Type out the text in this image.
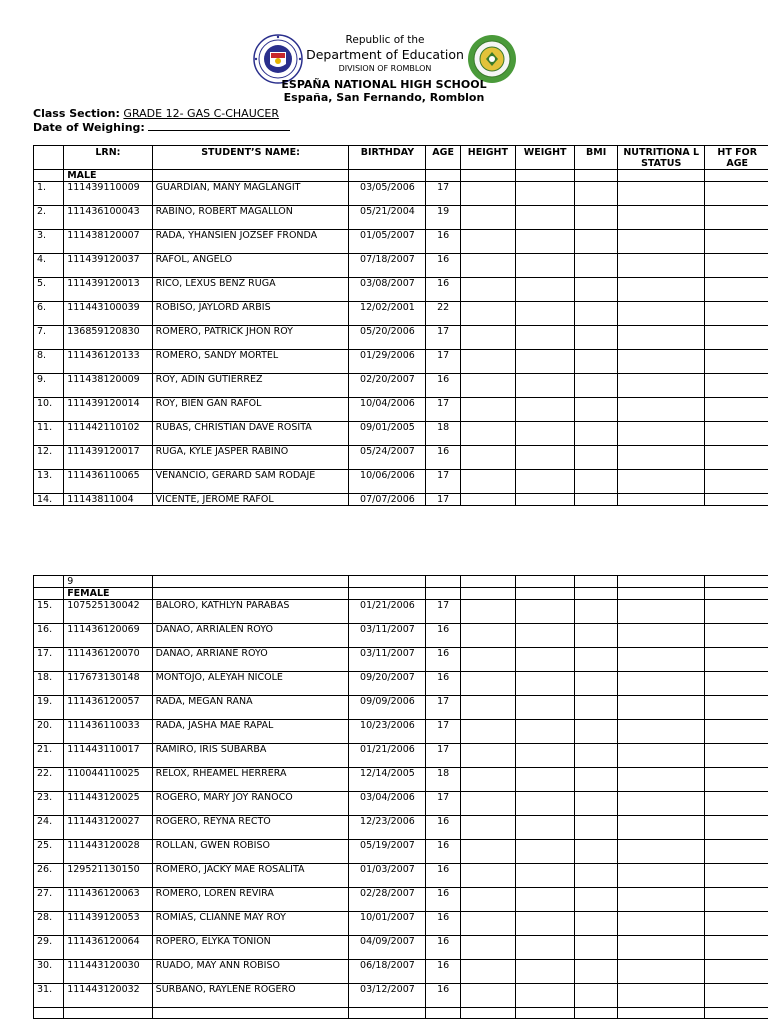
Republic of the
Department of Education
DIVISION OF ROMBLON
ESPAÑA NATIONAL HIGH SCHOOL
España, San Fernando, Romblon
Class Section: GRADE 12- GAS C-CHAUCER
Date of Weighing:
	LRN:	STUDENT’S NAME:	BIRTHDAY	AGE	HEIGHT	WEIGHT	BMI	NUTRITIONA L STATUS	HT FOR AGE
	MALE								
1.	111439110009	GUARDIAN, MANY MAGLANGIT	03/05/2006	17					
2.	111436100043	RABINO, ROBERT MAGALLON	05/21/2004	19					
3.	111438120007	RADA, YHANSIEN JOZSEF FRONDA	01/05/2007	16					
4.	111439120037	RAFOL, ANGELO	07/18/2007	16					
5.	111439120013	RICO, LEXUS BENZ RUGA	03/08/2007	16					
6.	111443100039	ROBISO, JAYLORD ARBIS	12/02/2001	22					
7.	136859120830	ROMERO, PATRICK JHON ROY	05/20/2006	17					
8.	111436120133	ROMERO, SANDY MORTEL	01/29/2006	17					
9.	111438120009	ROY, ADIN GUTIERREZ	02/20/2007	16					
10.	111439120014	ROY, BIEN GAN RAFOL	10/04/2006	17					
11.	111442110102	RUBAS, CHRISTIAN DAVE ROSITA	09/01/2005	18					
12.	111439120017	RUGA, KYLE JASPER RABINO	05/24/2007	16					
13.	111436110065	VENANCIO, GERARD SAM RODAJE	10/06/2006	17					
14.	11143811004	VICENTE, JEROME RAFOL	07/07/2006	17					
	9								
	FEMALE								
15.	107525130042	BALORO, KATHLYN PARABAS	01/21/2006	17					
16.	111436120069	DANAO, ARRIALEN ROYO	03/11/2007	16					
17.	111436120070	DANAO, ARRIANE ROYO	03/11/2007	16					
18.	117673130148	MONTOJO, ALEYAH NICOLE	09/20/2007	16					
19.	111436120057	RADA, MEGAN RANA	09/09/2006	17					
20.	111436110033	RADA, JASHA MAE RAPAL	10/23/2006	17					
21.	111443110017	RAMIRO, IRIS SUBARBA	01/21/2006	17					
22.	110044110025	RELOX, RHEAMEL HERRERA	12/14/2005	18					
23.	111443120025	ROGERO, MARY JOY RANOCO	03/04/2006	17					
24.	111443120027	ROGERO, REYNA RECTO	12/23/2006	16					
25.	111443120028	ROLLAN, GWEN ROBISO	05/19/2007	16					
26.	129521130150	ROMERO, JACKY MAE ROSALITA	01/03/2007	16					
27.	111436120063	ROMERO, LOREN REVIRA	02/28/2007	16					
28.	111439120053	ROMIAS, CLIANNE MAY ROY	10/01/2007	16					
29.	111436120064	ROPERO, ELYKA TONION	04/09/2007	16					
30.	111443120030	RUADO, MAY ANN ROBISO	06/18/2007	16					
31.	111443120032	SURBANO, RAYLENE ROGERO	03/12/2007	16					
